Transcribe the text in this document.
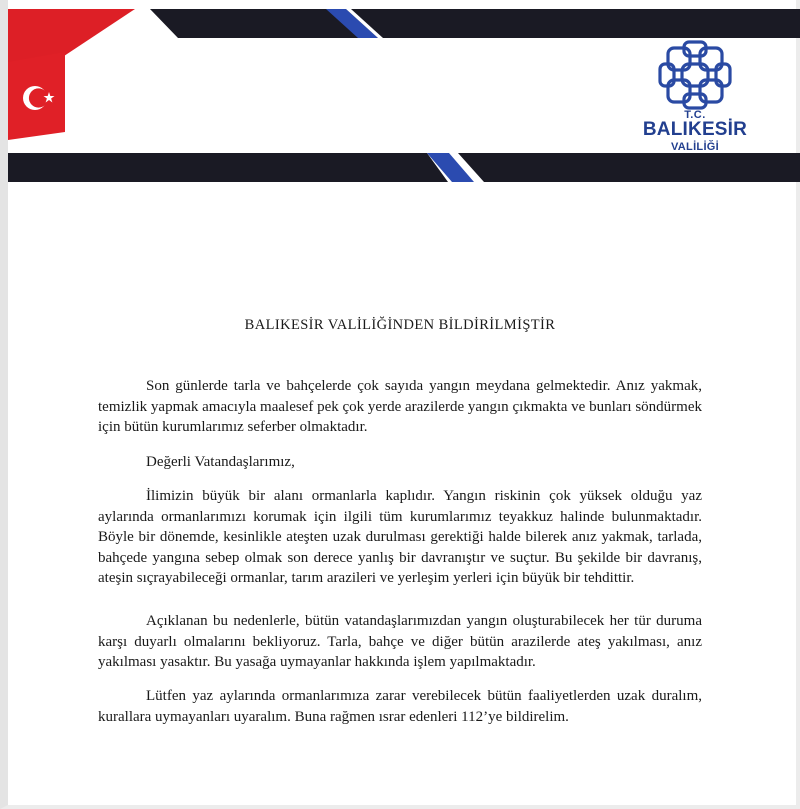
T.C.
BALIKESİR
VALİLİĞİ
BALIKESİR VALİLİĞİNDEN BİLDİRİLMİŞTİR

Son günlerde tarla ve bahçelerde çok sayıda yangın meydana gelmektedir. Anız yakmak, temizlik yapmak amacıyla maalesef pek çok yerde arazilerde yangın çıkmakta ve bunları söndürmek için bütün kurumlarımız seferber olmaktadır.

Değerli Vatandaşlarımız,

İlimizin büyük bir alanı ormanlarla kaplıdır. Yangın riskinin çok yüksek olduğu yaz aylarında ormanlarımızı korumak için ilgili tüm kurumlarımız teyakkuz halinde bulunmaktadır. Böyle bir dönemde, kesinlikle ateşten uzak durulması gerektiği halde bilerek anız yakmak, tarlada, bahçede yangına sebep olmak son derece yanlış bir davranıştır ve suçtur. Bu şekilde bir davranış, ateşin sıçrayabileceği ormanlar, tarım arazileri ve yerleşim yerleri için büyük bir tehdittir.

Açıklanan bu nedenlerle, bütün vatandaşlarımızdan yangın oluşturabilecek her tür duruma karşı duyarlı olmalarını bekliyoruz. Tarla, bahçe ve diğer bütün arazilerde ateş yakılması, anız yakılması yasaktır. Bu yasağa uymayanlar hakkında işlem yapılmaktadır.

Lütfen yaz aylarında ormanlarımıza zarar verebilecek bütün faaliyetlerden uzak duralım, kurallara uymayanları uyaralım. Buna rağmen ısrar edenleri 112’ye bildirelim.
